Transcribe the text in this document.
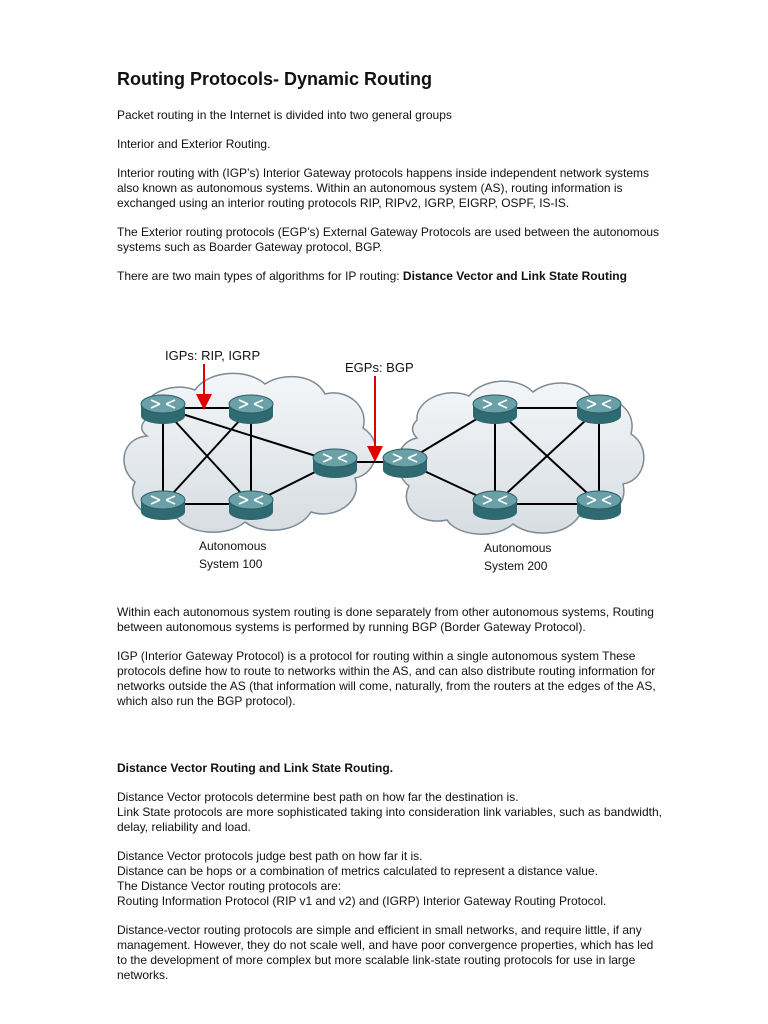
Routing Protocols- Dynamic Routing

Packet routing in the Internet is divided into two general groups

Interior and Exterior Routing.

Interior routing with (IGP’s) Interior Gateway protocols happens inside independent network systems also known as autonomous systems. Within an autonomous system (AS), routing information is exchanged using an interior routing protocols RIP, RIPv2, IGRP, EIGRP, OSPF, IS-IS.

The Exterior routing protocols (EGP’s) External Gateway Protocols are used between the autonomous systems such as Boarder Gateway protocol, BGP.

There are two main types of algorithms for IP routing: Distance Vector and Link State Routing

IGPs: RIP, IGRP
EGPs: BGP
Autonomous
System 100
Autonomous
System 200

Within each autonomous system routing is done separately from other autonomous systems, Routing between autonomous systems is performed by running BGP (Border Gateway Protocol).

IGP (Interior Gateway Protocol) is a protocol for routing within a single autonomous system These protocols define how to route to networks within the AS, and can also distribute routing information for networks outside the AS (that information will come, naturally, from the routers at the edges of the AS, which also run the BGP protocol).

Distance Vector Routing and Link State Routing.

Distance Vector protocols determine best path on how far the destination is.

Link State protocols are more sophisticated taking into consideration link variables, such as bandwidth, delay, reliability and load.

Distance Vector protocols judge best path on how far it is.

Distance can be hops or a combination of metrics calculated to represent a distance value.

The Distance Vector routing protocols are:

Routing Information Protocol (RIP v1 and v2) and (IGRP) Interior Gateway Routing Protocol.

Distance-vector routing protocols are simple and efficient in small networks, and require little, if any management. However, they do not scale well, and have poor convergence properties, which has led to the development of more complex but more scalable link-state routing protocols for use in large networks.
